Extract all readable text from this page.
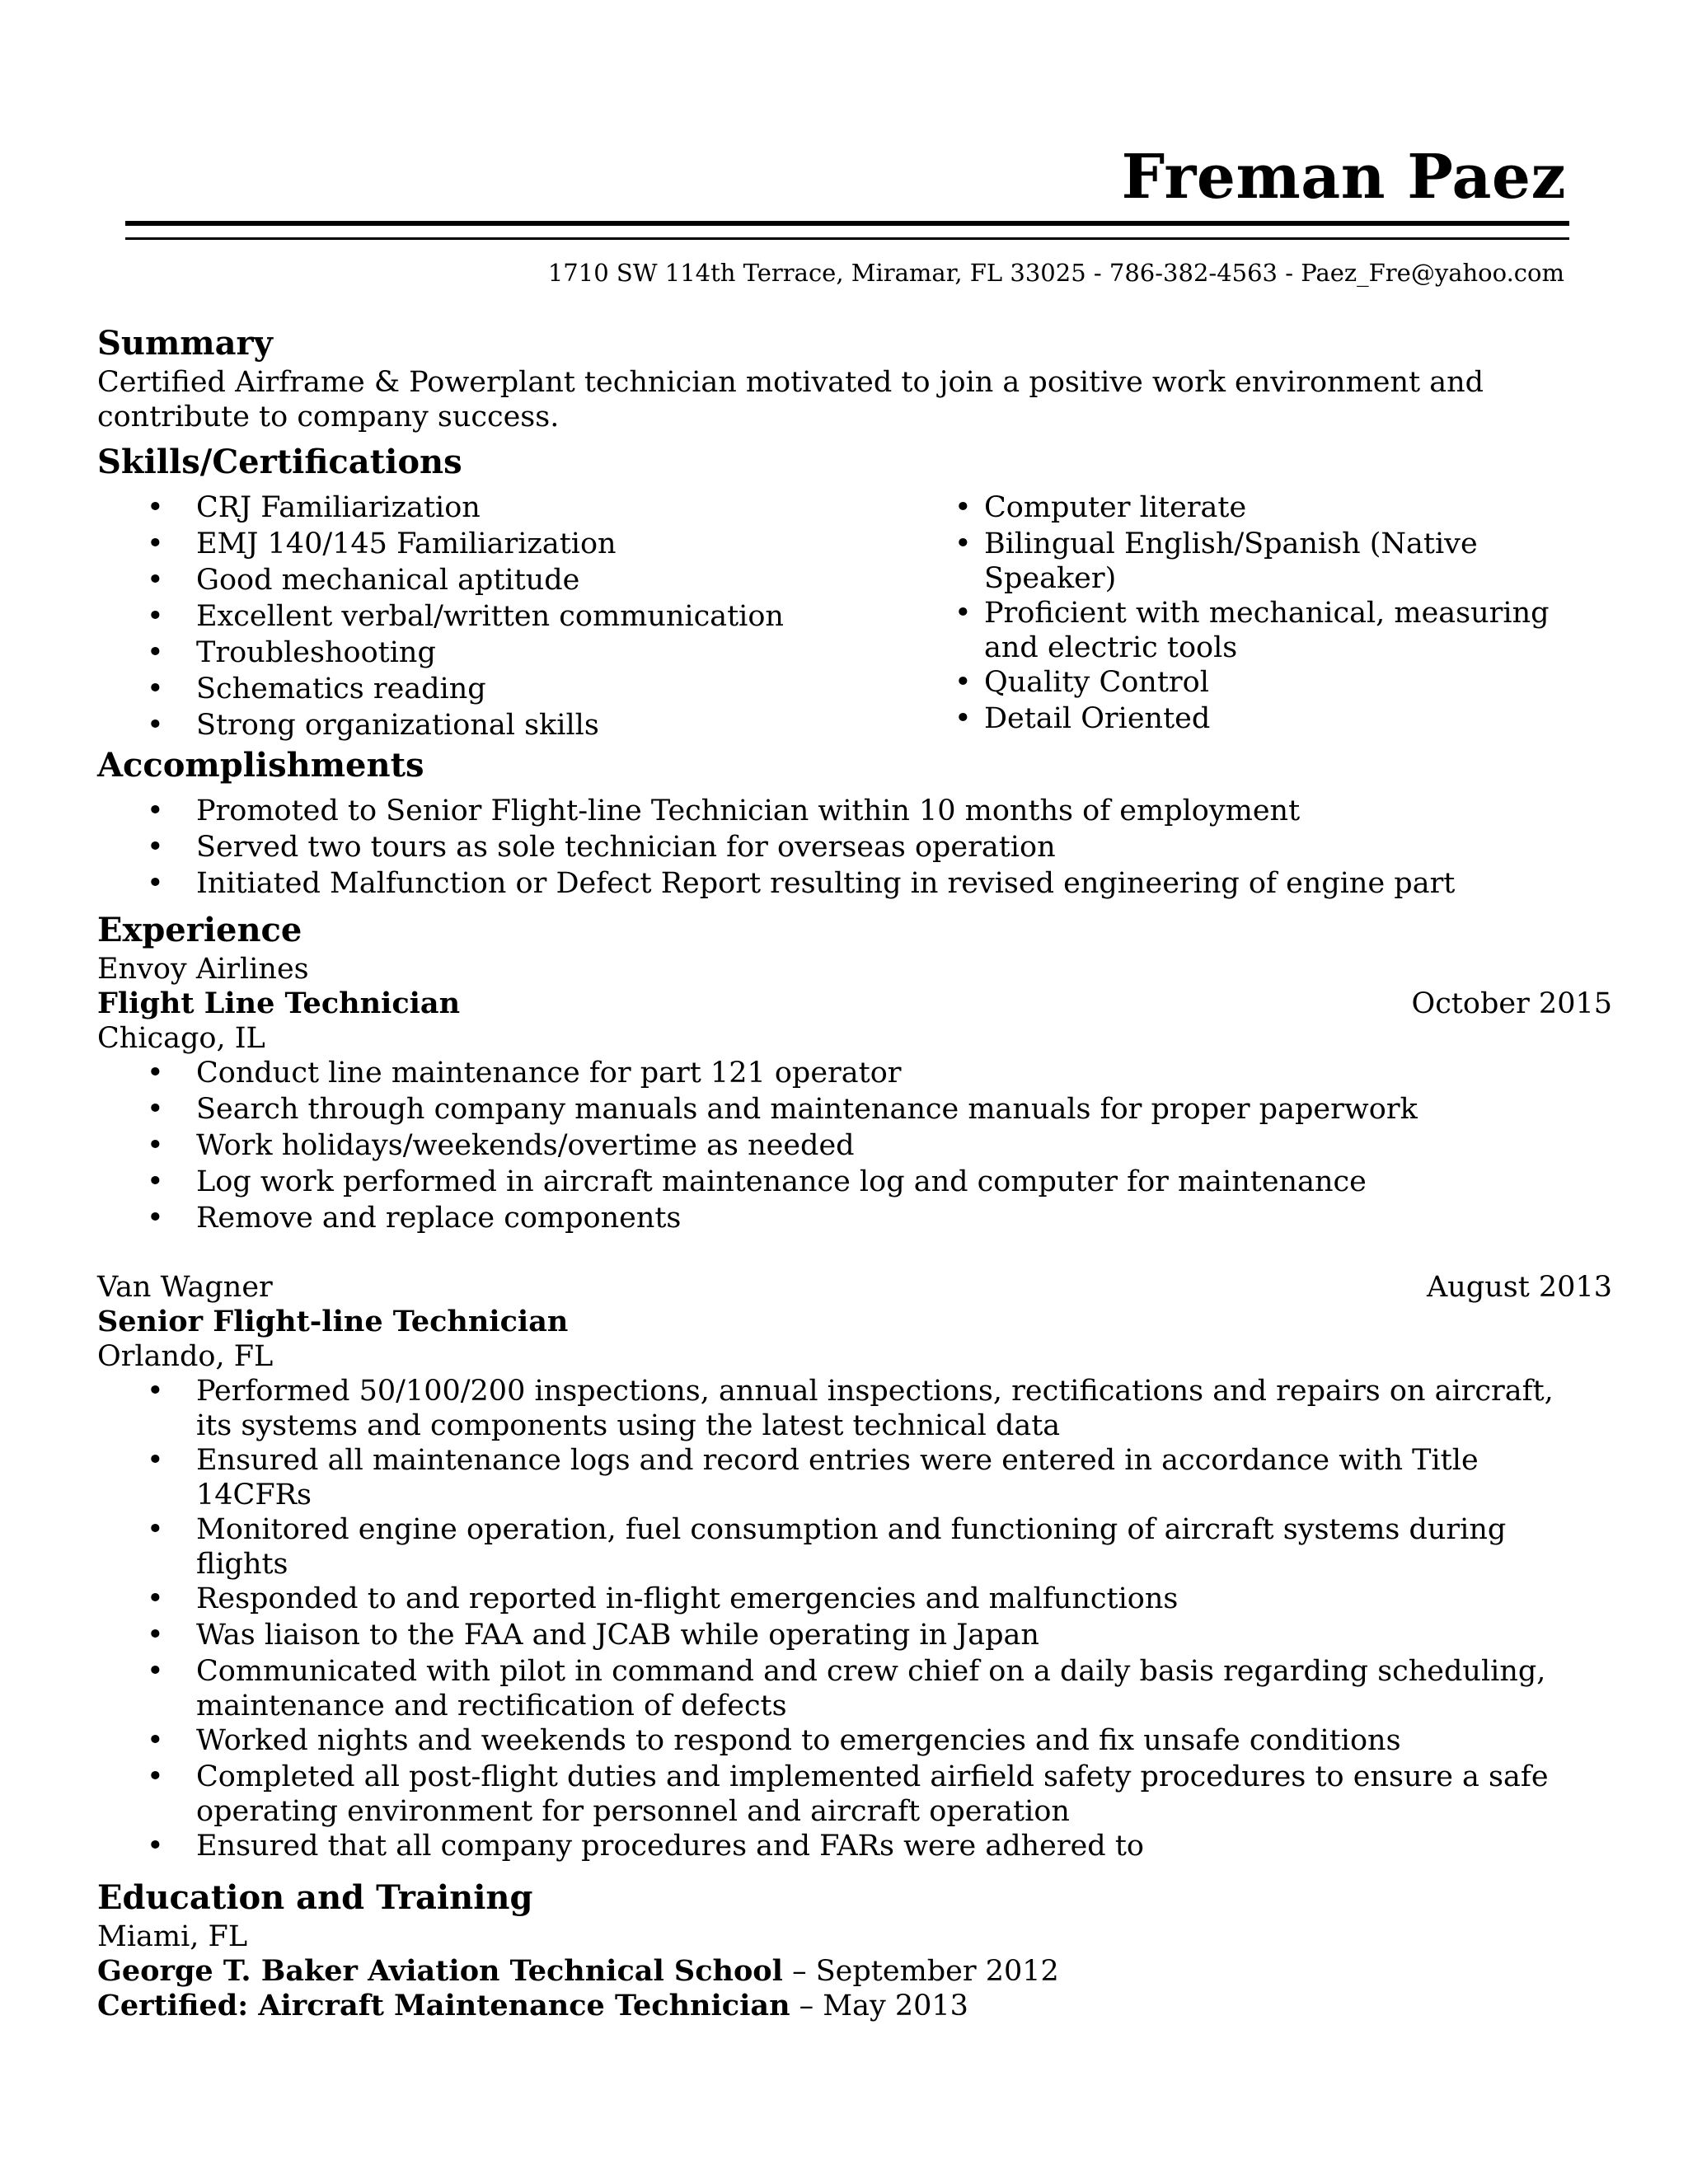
Freman Paez
1710 SW 114th Terrace, Miramar, FL 33025 - 786-382-4563 - Paez_Fre@yahoo.com
Summary
Certified Airframe & Powerplant technician motivated to join a positive work environment and contribute to company success.
Skills/Certifications
• CRJ Familiarization
• EMJ 140/145 Familiarization
• Good mechanical aptitude
• Excellent verbal/written communication
• Troubleshooting
• Schematics reading
• Strong organizational skills
• Computer literate
• Bilingual English/Spanish (Native Speaker)
• Proficient with mechanical, measuring and electric tools
• Quality Control
• Detail Oriented
Accomplishments
• Promoted to Senior Flight-line Technician within 10 months of employment
• Served two tours as sole technician for overseas operation
• Initiated Malfunction or Defect Report resulting in revised engineering of engine part
Experience
Envoy Airlines
Flight Line Technician	October 2015
Chicago, IL
• Conduct line maintenance for part 121 operator
• Search through company manuals and maintenance manuals for proper paperwork
• Work holidays/weekends/overtime as needed
• Log work performed in aircraft maintenance log and computer for maintenance
• Remove and replace components
Van Wagner	August 2013
Senior Flight-line Technician
Orlando, FL
• Performed 50/100/200 inspections, annual inspections, rectifications and repairs on aircraft, its systems and components using the latest technical data
• Ensured all maintenance logs and record entries were entered in accordance with Title 14CFRs
• Monitored engine operation, fuel consumption and functioning of aircraft systems during flights
• Responded to and reported in-flight emergencies and malfunctions
• Was liaison to the FAA and JCAB while operating in Japan
• Communicated with pilot in command and crew chief on a daily basis regarding scheduling, maintenance and rectification of defects
• Worked nights and weekends to respond to emergencies and fix unsafe conditions
• Completed all post-flight duties and implemented airfield safety procedures to ensure a safe operating environment for personnel and aircraft operation
• Ensured that all company procedures and FARs were adhered to
Education and Training
Miami, FL
George T. Baker Aviation Technical School – September 2012
Certified: Aircraft Maintenance Technician – May 2013
